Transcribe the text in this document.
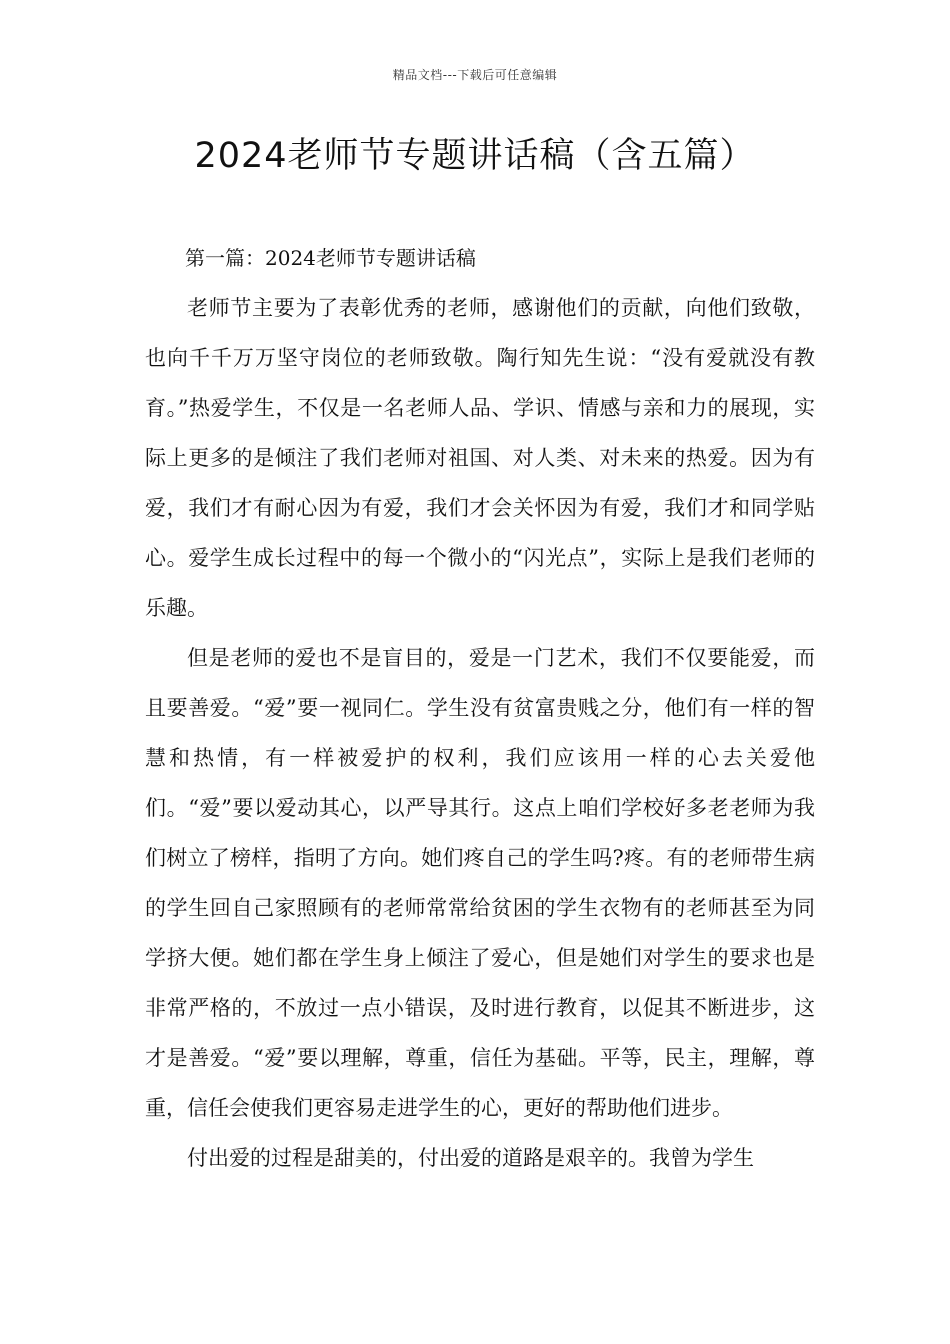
精品文档---下载后可任意编辑
2024老师节专题讲话稿（含五篇）

第一篇：2024老师节专题讲话稿

老师节主要为了表彰优秀的老师，感谢他们的贡献，向他们致敬，也向千千万万坚守岗位的老师致敬。陶行知先生说：“没有爱就没有教育。”热爱学生，不仅是一名老师人品、学识、情感与亲和力的展现，实际上更多的是倾注了我们老师对祖国、对人类、对未来的热爱。因为有爱，我们才有耐心因为有爱，我们才会关怀因为有爱，我们才和同学贴心。爱学生成长过程中的每一个微小的“闪光点”，实际上是我们老师的乐趣。

但是老师的爱也不是盲目的，爱是一门艺术，我们不仅要能爱，而且要善爱。“爱”要一视同仁。学生没有贫富贵贱之分，他们有一样的智慧和热情，有一样被爱护的权利，我们应该用一样的心去关爱他们。“爱”要以爱动其心，以严导其行。这点上咱们学校好多老老师为我们树立了榜样，指明了方向。她们疼自己的学生吗?疼。有的老师带生病的学生回自己家照顾有的老师常常给贫困的学生衣物有的老师甚至为同学挤大便。她们都在学生身上倾注了爱心，但是她们对学生的要求也是非常严格的，不放过一点小错误，及时进行教育，以促其不断进步，这才是善爱。“爱”要以理解，尊重，信任为基础。平等，民主，理解，尊重，信任会使我们更容易走进学生的心，更好的帮助他们进步。

付出爱的过程是甜美的，付出爱的道路是艰辛的。我曾为学生
